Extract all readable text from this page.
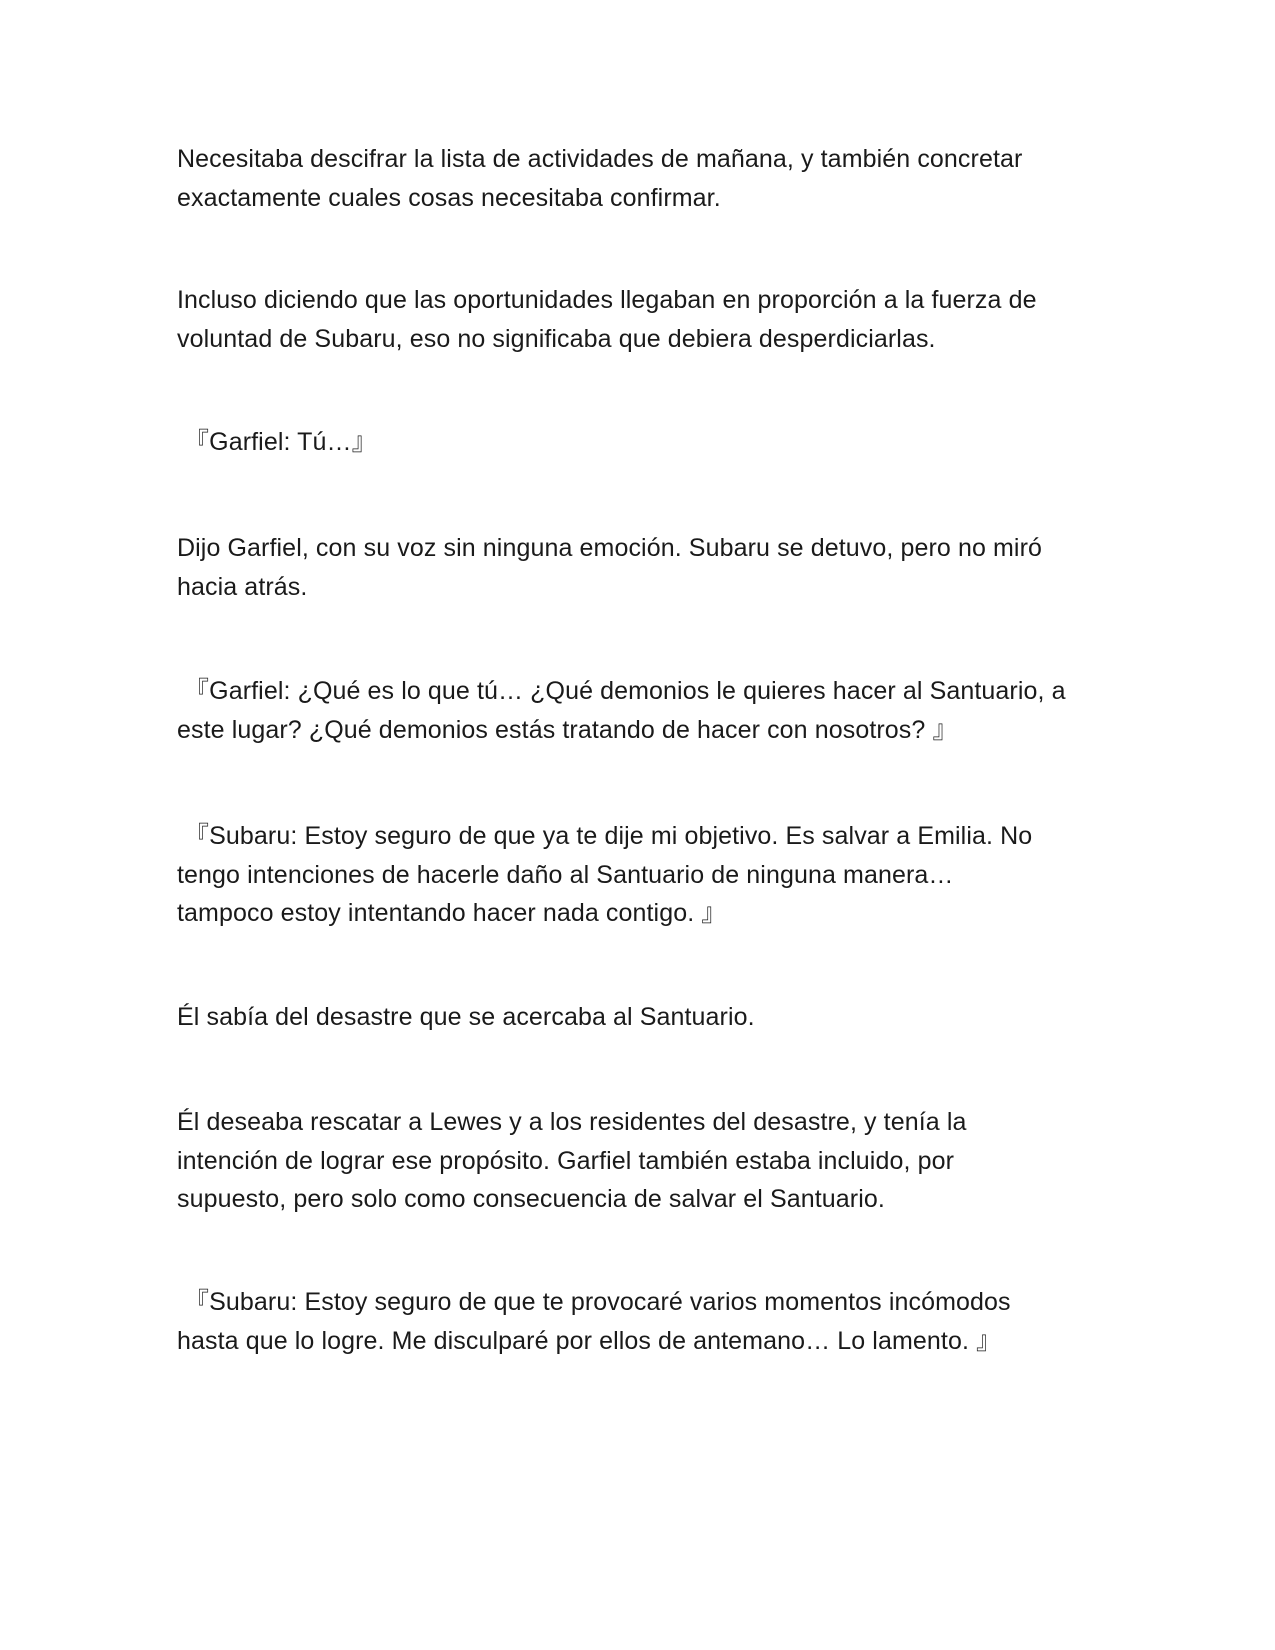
Necesitaba descifrar la lista de actividades de mañana, y también concretar
exactamente cuales cosas necesitaba confirmar.

Incluso diciendo que las oportunidades llegaban en proporción a la fuerza de
voluntad de Subaru, eso no significaba que debiera desperdiciarlas.

『Garfiel: Tú…』

Dijo Garfiel, con su voz sin ninguna emoción. Subaru se detuvo, pero no miró
hacia atrás.

『Garfiel: ¿Qué es lo que tú… ¿Qué demonios le quieres hacer al Santuario, a
este lugar? ¿Qué demonios estás tratando de hacer con nosotros? 』

『Subaru: Estoy seguro de que ya te dije mi objetivo. Es salvar a Emilia. No
tengo intenciones de hacerle daño al Santuario de ninguna manera…
tampoco estoy intentando hacer nada contigo. 』

Él sabía del desastre que se acercaba al Santuario.

Él deseaba rescatar a Lewes y a los residentes del desastre, y tenía la
intención de lograr ese propósito. Garfiel también estaba incluido, por
supuesto, pero solo como consecuencia de salvar el Santuario.

『Subaru: Estoy seguro de que te provocaré varios momentos incómodos
hasta que lo logre. Me disculparé por ellos de antemano… Lo lamento. 』
